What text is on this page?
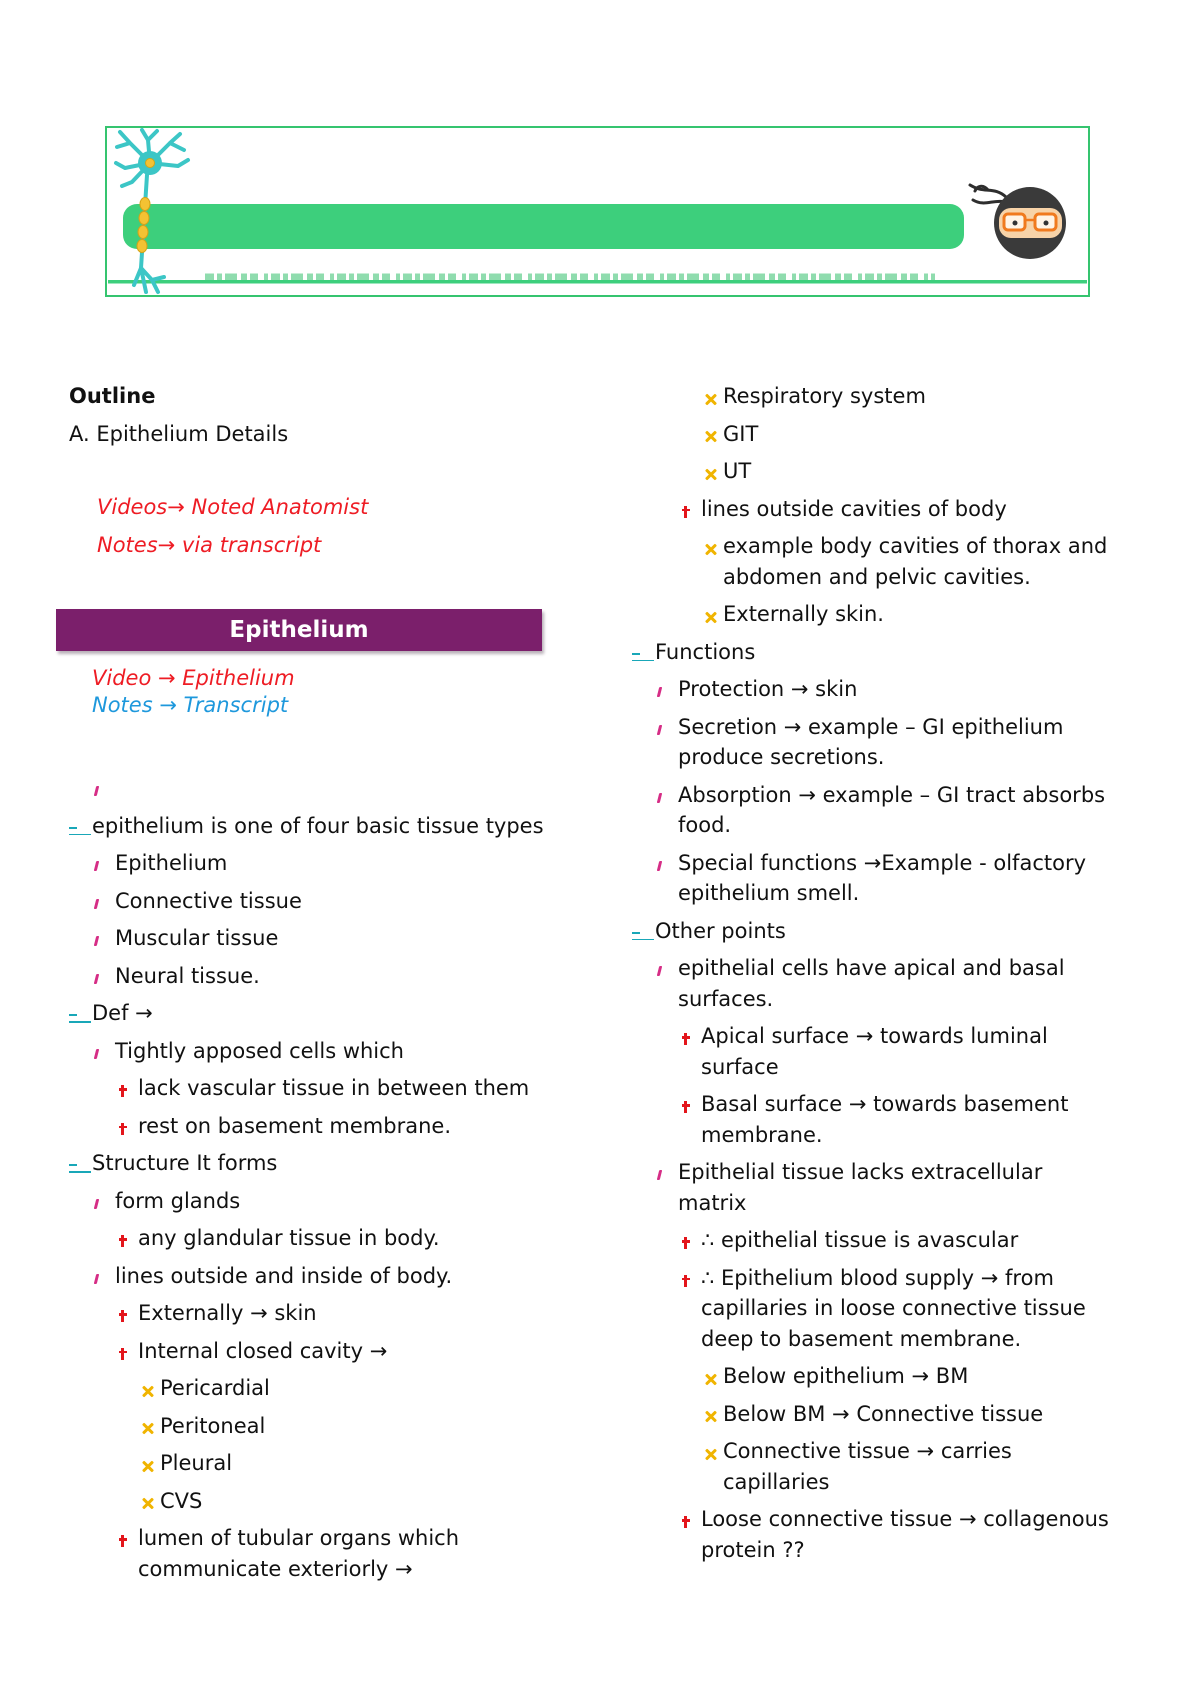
Outline
A. Epithelium Details
Videos→ Noted Anatomist
Notes→ via transcript
Epithelium
Video → Epithelium
Notes → Transcript
epithelium is one of four basic tissue types
Epithelium
Connective tissue
Muscular tissue
Neural tissue.
Def →
Tightly apposed cells which
lack vascular tissue in between them
rest on basement membrane.
Structure It forms
form glands
any glandular tissue in body.
lines outside and inside of body.
Externally → skin
Internal closed cavity →
Pericardial
Peritoneal
Pleural
CVS
lumen of tubular organs which
communicate exteriorly →
Respiratory system
GIT
UT
lines outside cavities of body
example body cavities of thorax and
abdomen and pelvic cavities.
Externally skin.
Functions
Protection → skin
Secretion → example – GI epithelium
produce secretions.
Absorption → example – GI tract absorbs
food.
Special functions →Example - olfactory
epithelium smell.
Other points
epithelial cells have apical and basal
surfaces.
Apical surface → towards luminal
surface
Basal surface → towards basement
membrane.
Epithelial tissue lacks extracellular
matrix
∴ epithelial tissue is avascular
∴ Epithelium blood supply → from
capillaries in loose connective tissue
deep to basement membrane.
Below epithelium → BM
Below BM → Connective tissue
Connective tissue → carries
capillaries
Loose connective tissue → collagenous
protein ??
